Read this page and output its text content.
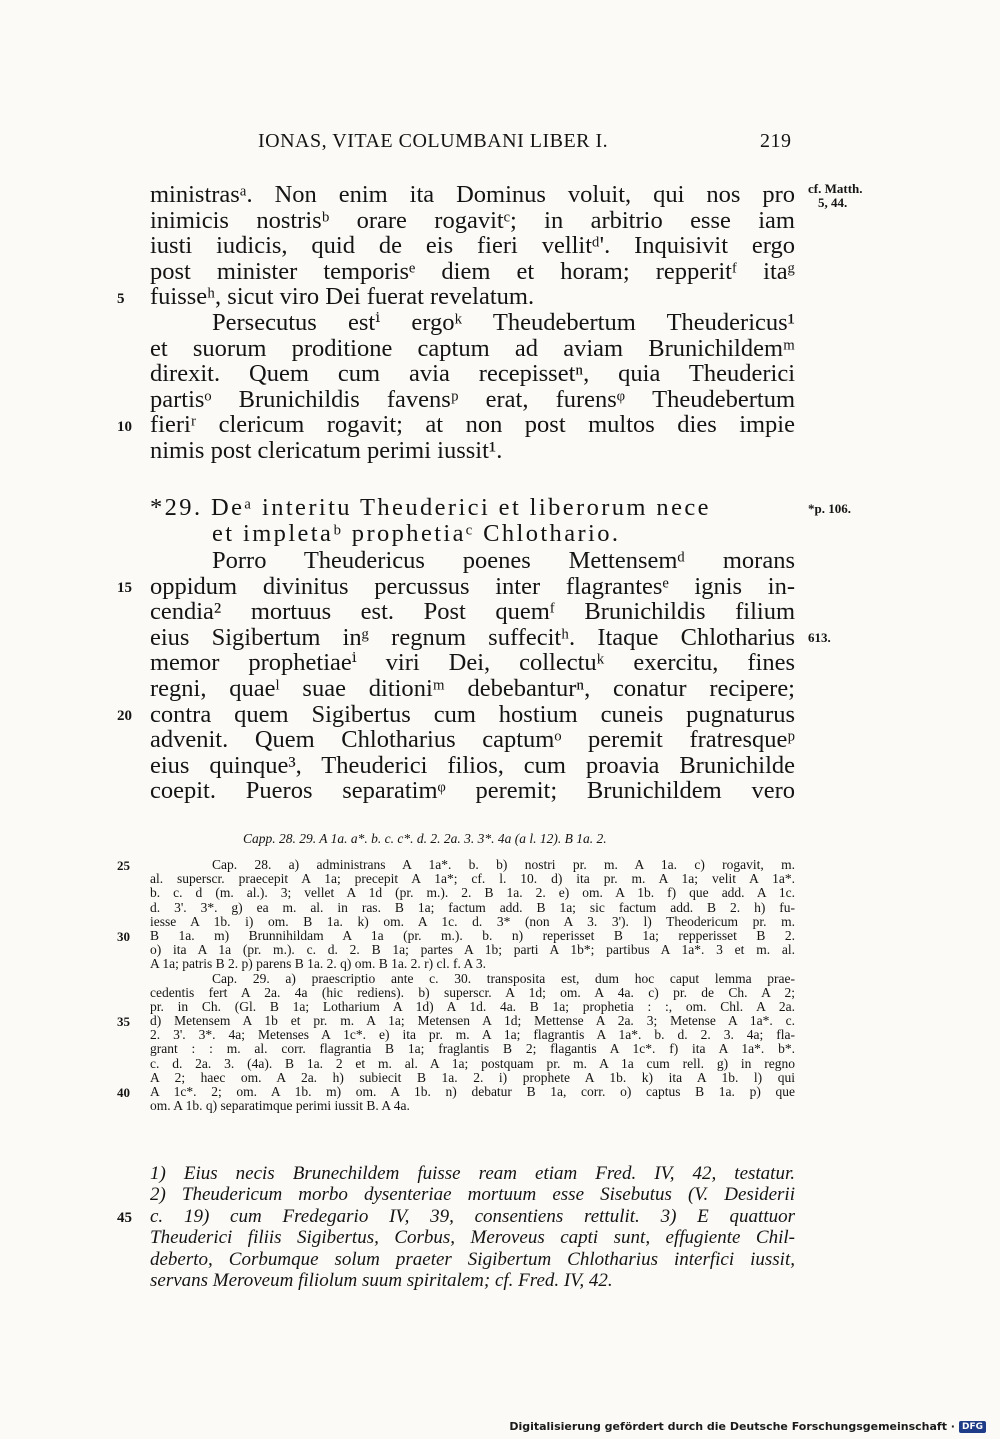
IONAS, VITAE COLUMBANI LIBER I.	219
cf. Matth.
5, 44.
ministrasᵃ. Non enim ita Dominus voluit, qui nos pro
inimicis nostrisᵇ orare rogavitᶜ; in arbitrio esse iam
iusti iudicis, quid de eis fieri vellitᵈ'. Inquisivit ergo
post minister temporisᵉ diem et horam; repperitᶠ itaᵍ
fuisseʰ, sicut viro Dei fuerat revelatum.
Persecutus estⁱ ergoᵏ Theudebertum Theudericus¹
et suorum proditione captum ad aviam Brunichildemᵐ
direxit. Quem cum avia recepissetⁿ, quia Theuderici
partisᵒ Brunichildis favensᵖ erat, furensᵠ Theudebertum
fieriʳ clericum rogavit; at non post multos dies impie
nimis post clericatum perimi iussit¹.
5
10
*29. Deᵃ interitu Theuderici et liberorum nece
et impletaᵇ prophetiaᶜ Chlothario.
*p. 106.
Porro Theudericus poenes Mettensemᵈ morans
oppidum divinitus percussus inter flagrantesᵉ ignis in-
cendia² mortuus est. Post quemᶠ Brunichildis filium
eius Sigibertum inᵍ regnum suffecitʰ. Itaque Chlotharius
memor prophetiaeⁱ viri Dei, collectuᵏ exercitu, fines
regni, quaeˡ suae ditioniᵐ debebanturⁿ, conatur recipere;
contra quem Sigibertus cum hostium cuneis pugnaturus
advenit. Quem Chlotharius captumᵒ peremit fratresqueᵖ
eius quinque³, Theuderici filios, cum proavia Brunichilde
coepit. Pueros separatimᵠ peremit; Brunichildem vero
15
20
613.
Capp. 28. 29. A 1a. a*. b. c. c*. d. 2. 2a. 3. 3*. 4a (a l. 12). B 1a. 2.
Cap. 28. a) administrans A 1a*. b. b) nostri pr. m. A 1a. c) rogavit, m.
al. superscr. praecepit A 1a; precepit A 1a*; cf. l. 10. d) ita pr. m. A 1a; velit A 1a*.
b. c. d (m. al.). 3; vellet A 1d (pr. m.). 2. B 1a. 2. e) om. A 1b. f) que add. A 1c.
d. 3'. 3*. g) ea m. al. in ras. B 1a; factum add. B 1a; sic factum add. B 2. h) fu-
iesse A 1b. i) om. B 1a. k) om. A 1c. d. 3* (non A 3. 3'). l) Theodericum pr. m.
B 1a. m) Brunnihildam A 1a (pr. m.). b. n) reperisset B 1a; repperisset B 2.
o) ita A 1a (pr. m.). c. d. 2. B 1a; partes A 1b; parti A 1b*; partibus A 1a*. 3 et m. al.
A 1a; patris B 2. p) parens B 1a. 2. q) om. B 1a. 2. r) cl. f. A 3.
Cap. 29. a) praescriptio ante c. 30. transposita est, dum hoc caput lemma prae-
cedentis fert A 2a. 4a (hic rediens). b) superscr. A 1d; om. A 4a. c) pr. de Ch. A 2;
pr. in Ch. (Gl. B 1a; Lotharium A 1d) A 1d. 4a. B 1a; prophetia : :, om. Chl. A 2a.
d) Metensem A 1b et pr. m. A 1a; Metensen A 1d; Mettense A 2a. 3; Metense A 1a*. c.
2. 3'. 3*. 4a; Metenses A 1c*. e) ita pr. m. A 1a; flagrantis A 1a*. b. d. 2. 3. 4a; fla-
grant : : m. al. corr. flagrantia B 1a; fraglantis B 2; flagantis A 1c*. f) ita A 1a*. b*.
c. d. 2a. 3. (4a). B 1a. 2 et m. al. A 1a; postquam pr. m. A 1a cum rell. g) in regno
A 2; haec om. A 2a. h) subiecit B 1a. 2. i) prophete A 1b. k) ita A 1b. l) qui
A 1c*. 2; om. A 1b. m) om. A 1b. n) debatur B 1a, corr. o) captus B 1a. p) que
om. A 1b. q) separatimque perimi iussit B. A 4a.
25
30
35
40
1) Eius necis Brunechildem fuisse ream etiam Fred. IV, 42, testatur.
2) Theudericum morbo dysenteriae mortuum esse Sisebutus (V. Desiderii
c. 19) cum Fredegario IV, 39, consentiens rettulit. 3) E quattuor
Theuderici filiis Sigibertus, Corbus, Meroveus capti sunt, effugiente Chil-
deberto, Corbumque solum praeter Sigibertum Chlotharius interfici iussit,
servans Meroveum filiolum suum spiritalem; cf. Fred. IV, 42.
45
Digitalisierung gefördert durch die Deutsche Forschungsgemeinschaft · DFG
